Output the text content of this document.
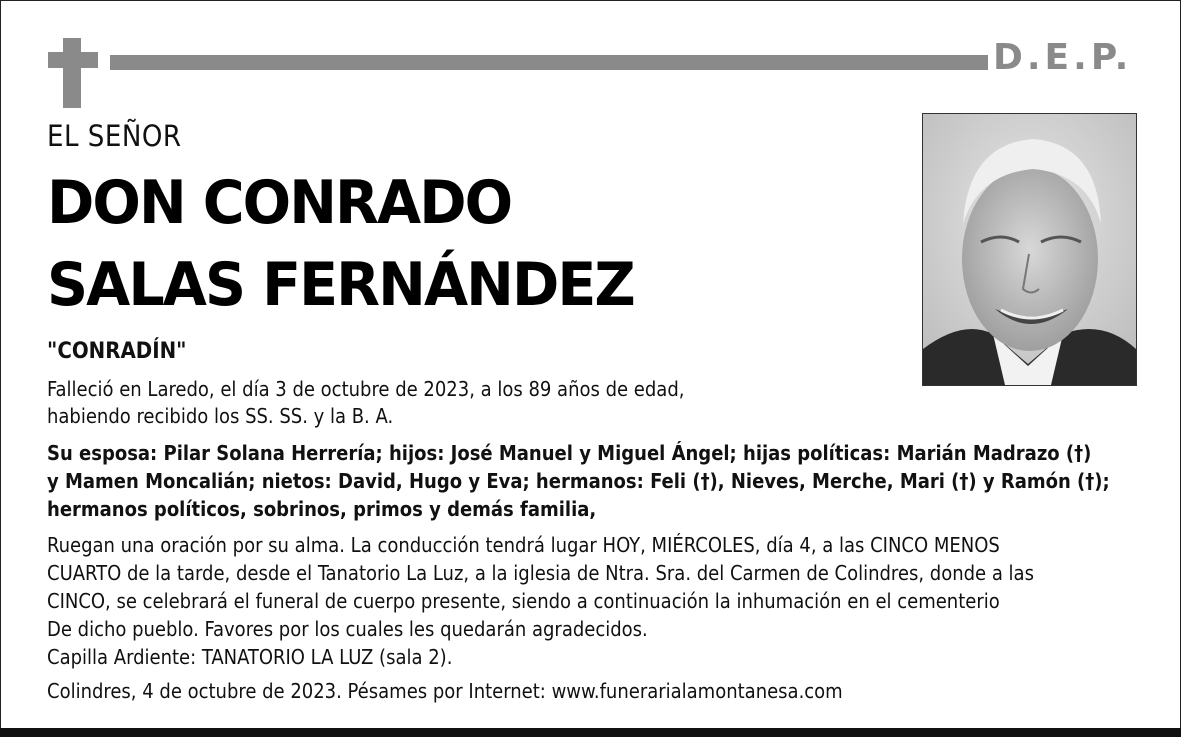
D.E.P.
EL SEÑOR
DON CONRADO
SALAS FERNÁNDEZ
"CONRADÍN"
Falleció en Laredo, el día 3 de octubre de 2023, a los 89 años de edad,
habiendo recibido los SS. SS. y la B. A.
Su esposa: Pilar Solana Herrería; hijos: José Manuel y Miguel Ángel; hijas políticas: Marián Madrazo (†)
y Mamen Moncalián; nietos: David, Hugo y Eva; hermanos: Feli (†), Nieves, Merche, Mari (†) y Ramón (†);
hermanos políticos, sobrinos, primos y demás familia,
Ruegan una oración por su alma. La conducción tendrá lugar HOY, MIÉRCOLES, día 4, a las CINCO MENOS
CUARTO de la tarde, desde el Tanatorio La Luz, a la iglesia de Ntra. Sra. del Carmen de Colindres, donde a las
CINCO, se celebrará el funeral de cuerpo presente, siendo a continuación la inhumación en el cementerio
De dicho pueblo. Favores por los cuales les quedarán agradecidos.
Capilla Ardiente: TANATORIO LA LUZ (sala 2).
Colindres, 4 de octubre de 2023. Pésames por Internet: www.funerarialamontanesa.com
